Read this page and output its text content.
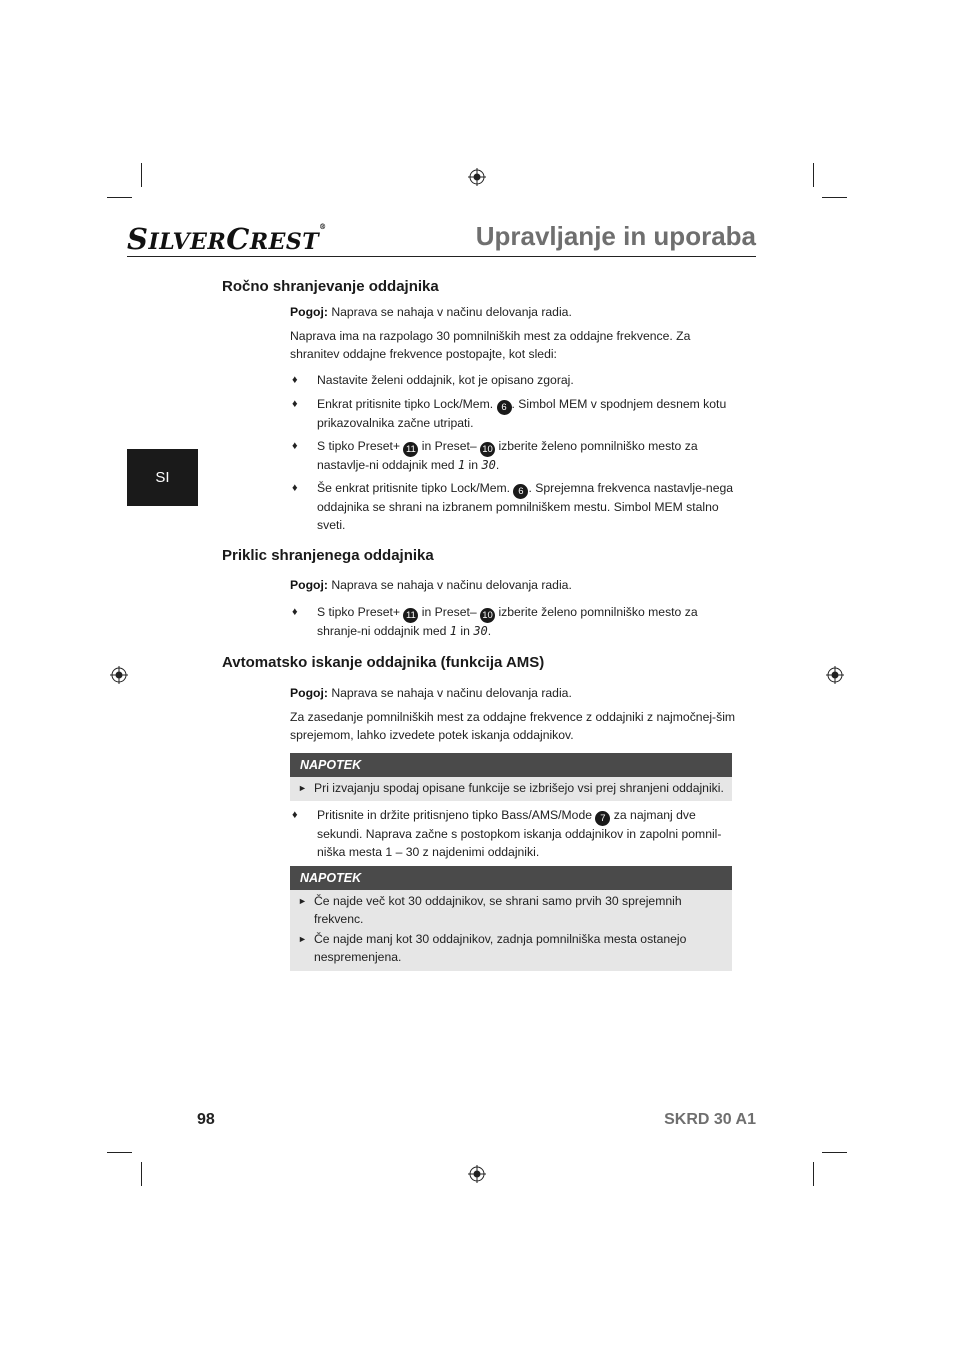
SILVERCREST®	Upravljanje in uporaba
SI
Ročno shranjevanje oddajnika
Pogoj: Naprava se nahaja v načinu delovanja radia.
Naprava ima na razpolago 30 pomnilniških mest za oddajne frekvence. Za shranitev oddajne frekvence postopajte, kot sledi:
♦ Nastavite želeni oddajnik, kot je opisano zgoraj.
♦ Enkrat pritisnite tipko Lock/Mem. 6 . Simbol MEM v spodnjem desnem kotu prikazovalnika začne utripati.
♦ S tipko Preset+ 11 in Preset– 10 izberite želeno pomnilniško mesto za nastavlje-ni oddajnik med 1 in 30.
♦ Še enkrat pritisnite tipko Lock/Mem. 6 . Sprejemna frekvenca nastavlje-nega oddajnika se shrani na izbranem pomnilniškem mestu. Simbol MEM stalno sveti.
Priklic shranjenega oddajnika
Pogoj: Naprava se nahaja v načinu delovanja radia.
♦ S tipko Preset+ 11 in Preset– 10 izberite želeno pomnilniško mesto za shranje-ni oddajnik med 1 in 30.
Avtomatsko iskanje oddajnika (funkcija AMS)
Pogoj: Naprava se nahaja v načinu delovanja radia.
Za zasedanje pomnilniških mest za oddajne frekvence z oddajniki z najmočnej-šim sprejemom, lahko izvedete potek iskanja oddajnikov.
NAPOTEK
► Pri izvajanju spodaj opisane funkcije se izbrišejo vsi prej shranjeni oddajniki.
♦ Pritisnite in držite pritisnjeno tipko Bass/AMS/Mode 7 za najmanj dve sekundi. Naprava začne s postopkom iskanja oddajnikov in zapolni pomnil-niška mesta 1 – 30 z najdenimi oddajniki.
NAPOTEK
► Če najde več kot 30 oddajnikov, se shrani samo prvih 30 sprejemnih frekvenc.
► Če najde manj kot 30 oddajnikov, zadnja pomnilniška mesta ostanejo nespremenjena.
98	SKRD 30 A1
